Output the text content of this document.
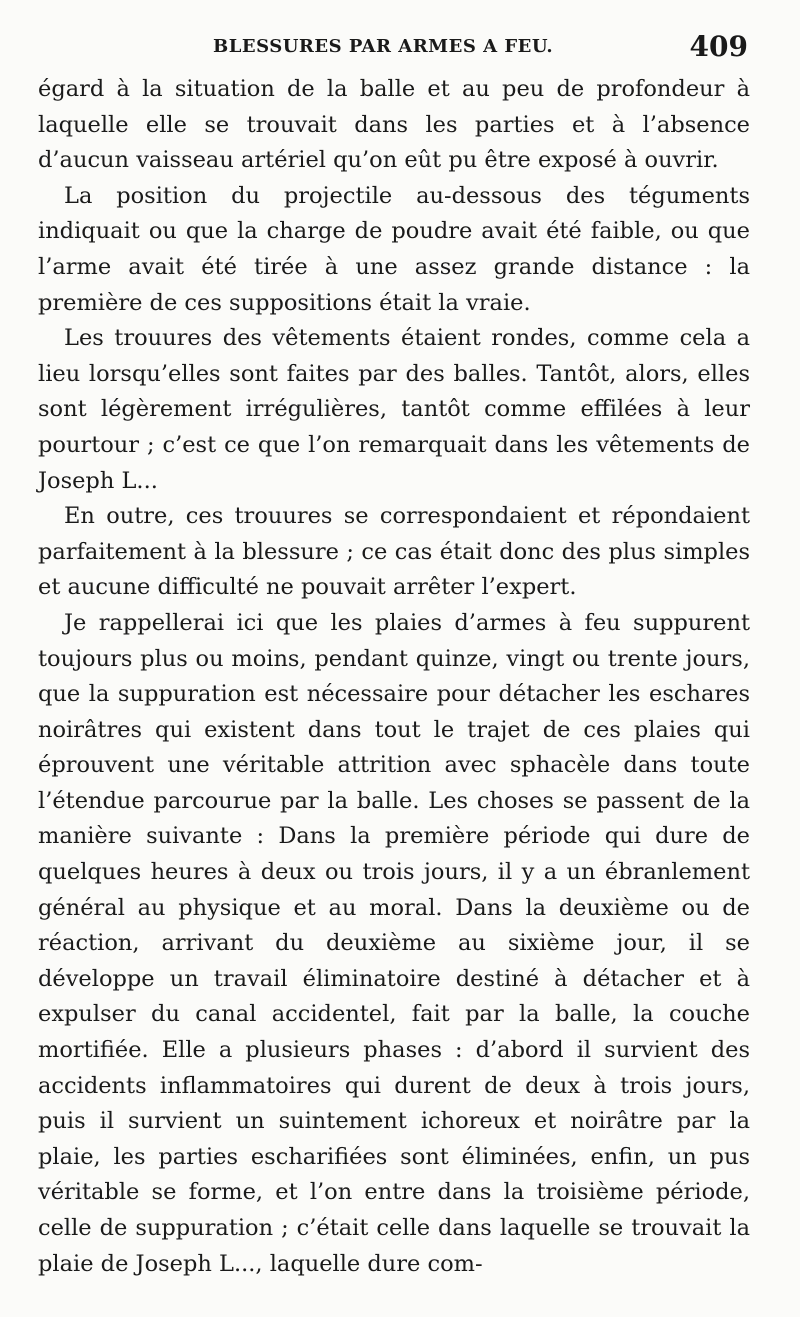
BLESSURES PAR ARMES A FEU.	409

égard à la situation de la balle et au peu de profondeur à laquelle elle se trouvait dans les parties et à l’absence d’aucun vaisseau artériel qu’on eût pu être exposé à ouvrir.

La position du projectile au-dessous des téguments indiquait ou que la charge de poudre avait été faible, ou que l’arme avait été tirée à une assez grande distance : la première de ces suppositions était la vraie.

Les trouures des vêtements étaient rondes, comme cela a lieu lorsqu’elles sont faites par des balles. Tantôt, alors, elles sont légèrement irrégulières, tantôt comme effilées à leur pourtour ; c’est ce que l’on remarquait dans les vêtements de Joseph L...

En outre, ces trouures se correspondaient et répondaient parfaitement à la blessure ; ce cas était donc des plus simples et aucune difficulté ne pouvait arrêter l’expert.

Je rappellerai ici que les plaies d’armes à feu suppurent toujours plus ou moins, pendant quinze, vingt ou trente jours, que la suppuration est nécessaire pour détacher les eschares noirâtres qui existent dans tout le trajet de ces plaies qui éprouvent une véritable attrition avec sphacèle dans toute l’étendue parcourue par la balle. Les choses se passent de la manière suivante : Dans la première période qui dure de quelques heures à deux ou trois jours, il y a un ébranlement général au physique et au moral. Dans la deuxième ou de réaction, arrivant du deuxième au sixième jour, il se développe un travail éliminatoire destiné à détacher et à expulser du canal accidentel, fait par la balle, la couche mortifiée. Elle a plusieurs phases : d’abord il survient des accidents inflammatoires qui durent de deux à trois jours, puis il survient un suintement ichoreux et noirâtre par la plaie, les parties escharifiées sont éliminées, enfin, un pus véritable se forme, et l’on entre dans la troisième période, celle de suppuration ; c’était celle dans laquelle se trouvait la plaie de Joseph L..., laquelle dure com-
